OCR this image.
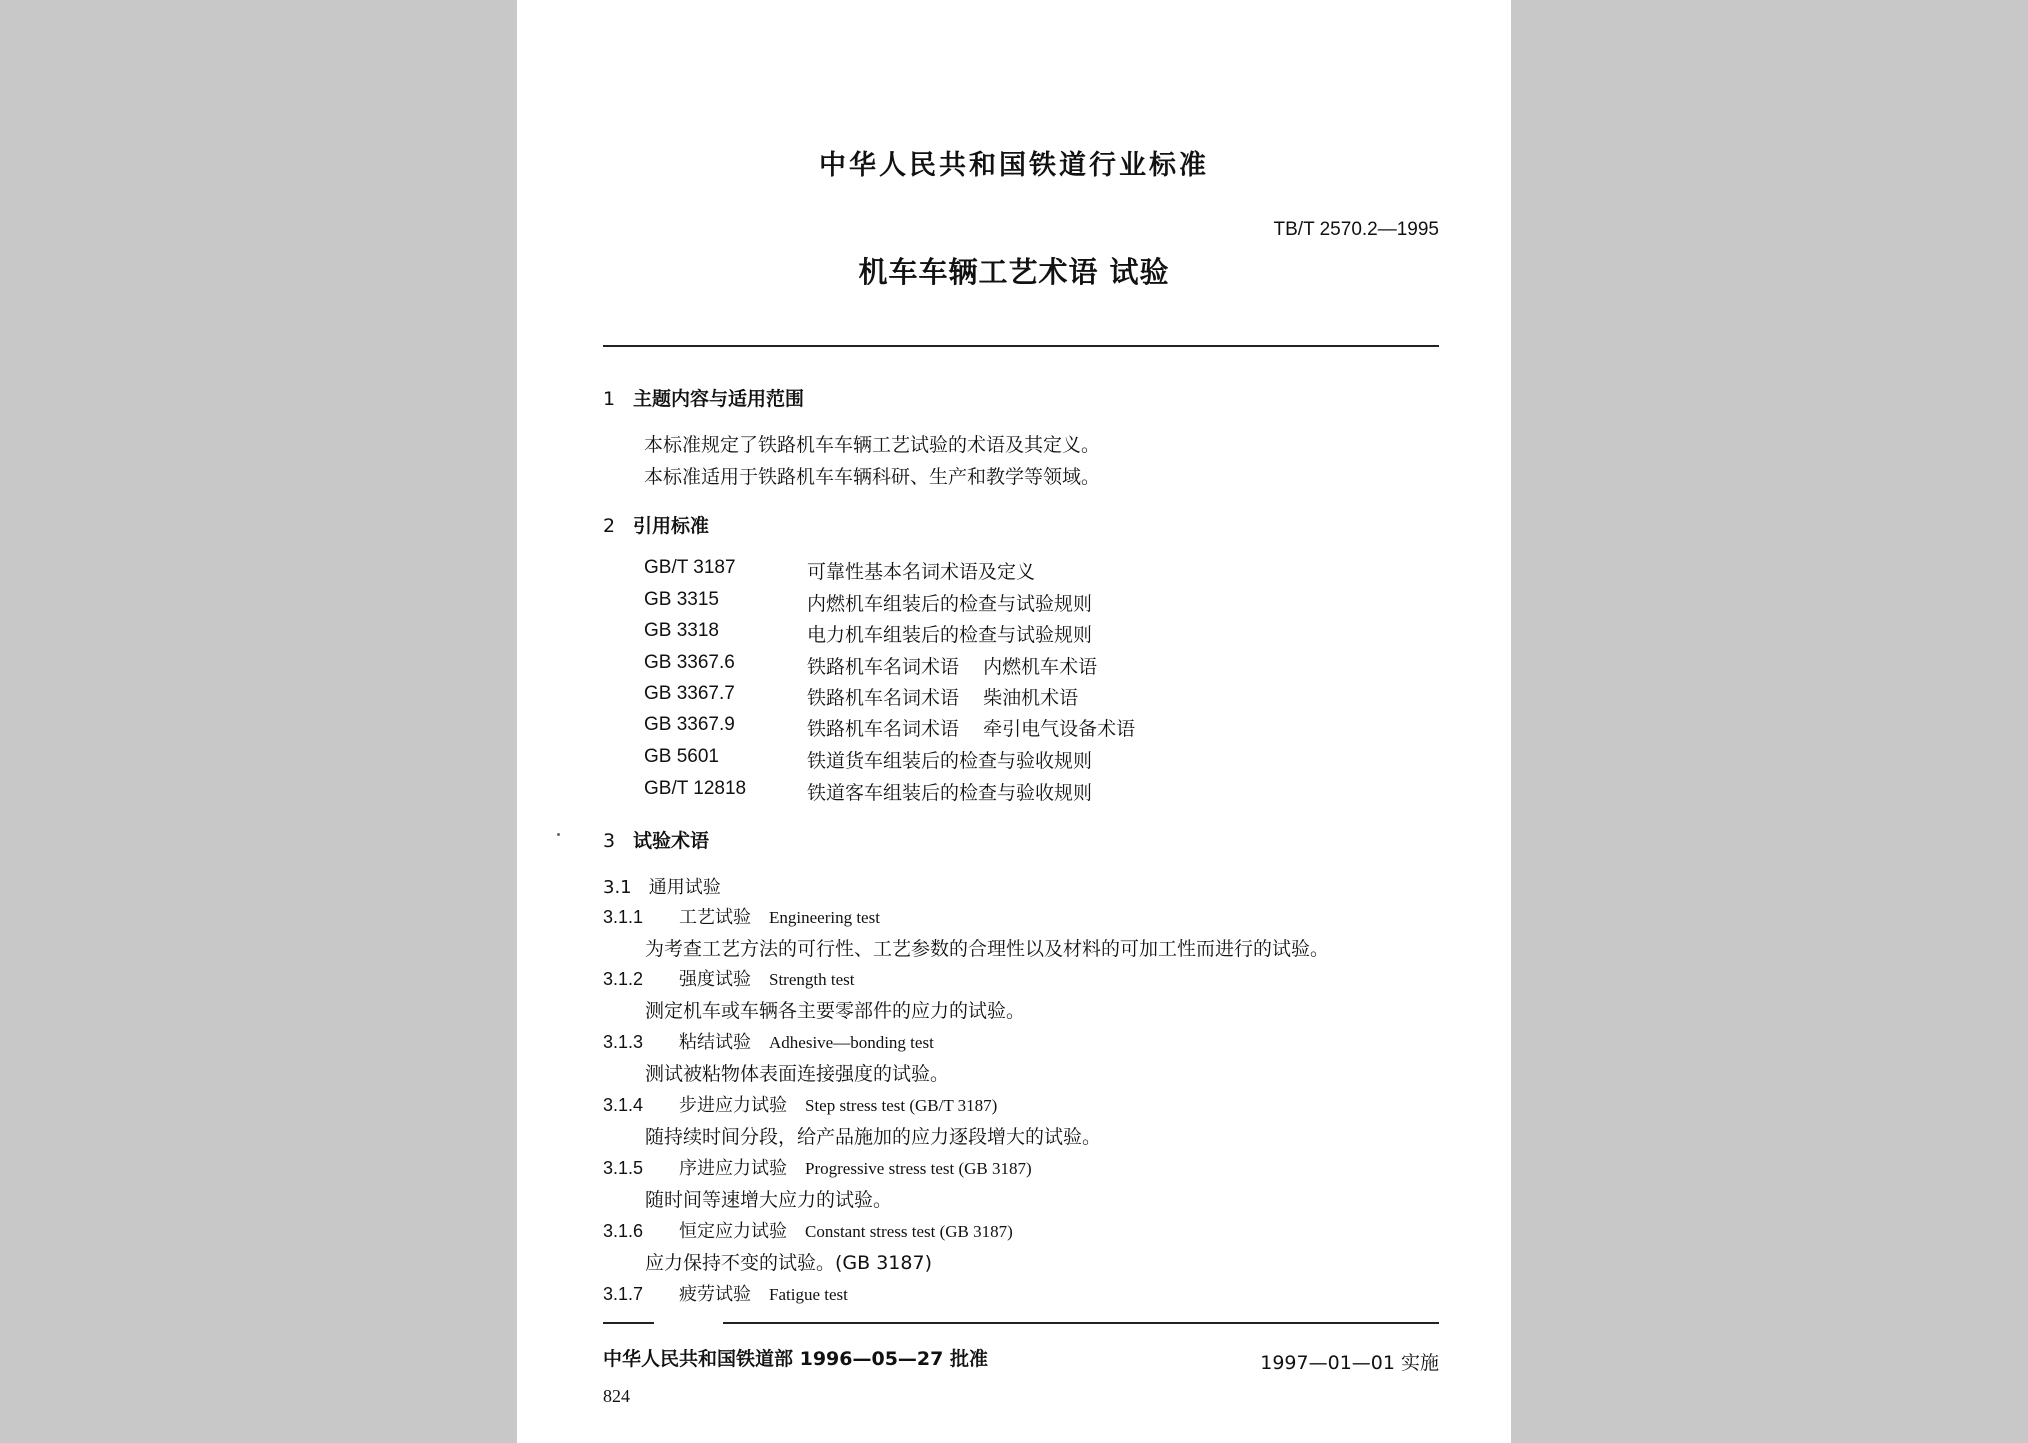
中华人民共和国铁道行业标准
TB/T 2570.2—1995
机车车辆工艺术语 试验
1 主题内容与适用范围
本标准规定了铁路机车车辆工艺试验的术语及其定义。
本标准适用于铁路机车车辆科研、生产和教学等领域。
2 引用标准
GB/T 3187	可靠性基本名词术语及定义
GB 3315	内燃机车组装后的检查与试验规则
GB 3318	电力机车组装后的检查与试验规则
GB 3367.6	铁路机车名词术语    内燃机车术语
GB 3367.7	铁路机车名词术语    柴油机术语
GB 3367.9	铁路机车名词术语    牵引电气设备术语
GB 5601	铁道货车组装后的检查与验收规则
GB/T 12818	铁道客车组装后的检查与验收规则
3 试验术语
3.1   通用试验
3.1.1 工艺试验 Engineering test
为考查工艺方法的可行性、工艺参数的合理性以及材料的可加工性而进行的试验。
3.1.2 强度试验 Strength test
测定机车或车辆各主要零部件的应力的试验。
3.1.3 粘结试验 Adhesive—bonding test
测试被粘物体表面连接强度的试验。
3.1.4 步进应力试验 Step stress test (GB/T 3187)
随持续时间分段，给产品施加的应力逐段增大的试验。
3.1.5 序进应力试验 Progressive stress test (GB 3187)
随时间等速增大应力的试验。
3.1.6 恒定应力试验 Constant stress test (GB 3187)
应力保持不变的试验。(GB 3187)
3.1.7 疲劳试验 Fatigue test
中华人民共和国铁道部 1996—05—27 批准	1997—01—01 实施
824
